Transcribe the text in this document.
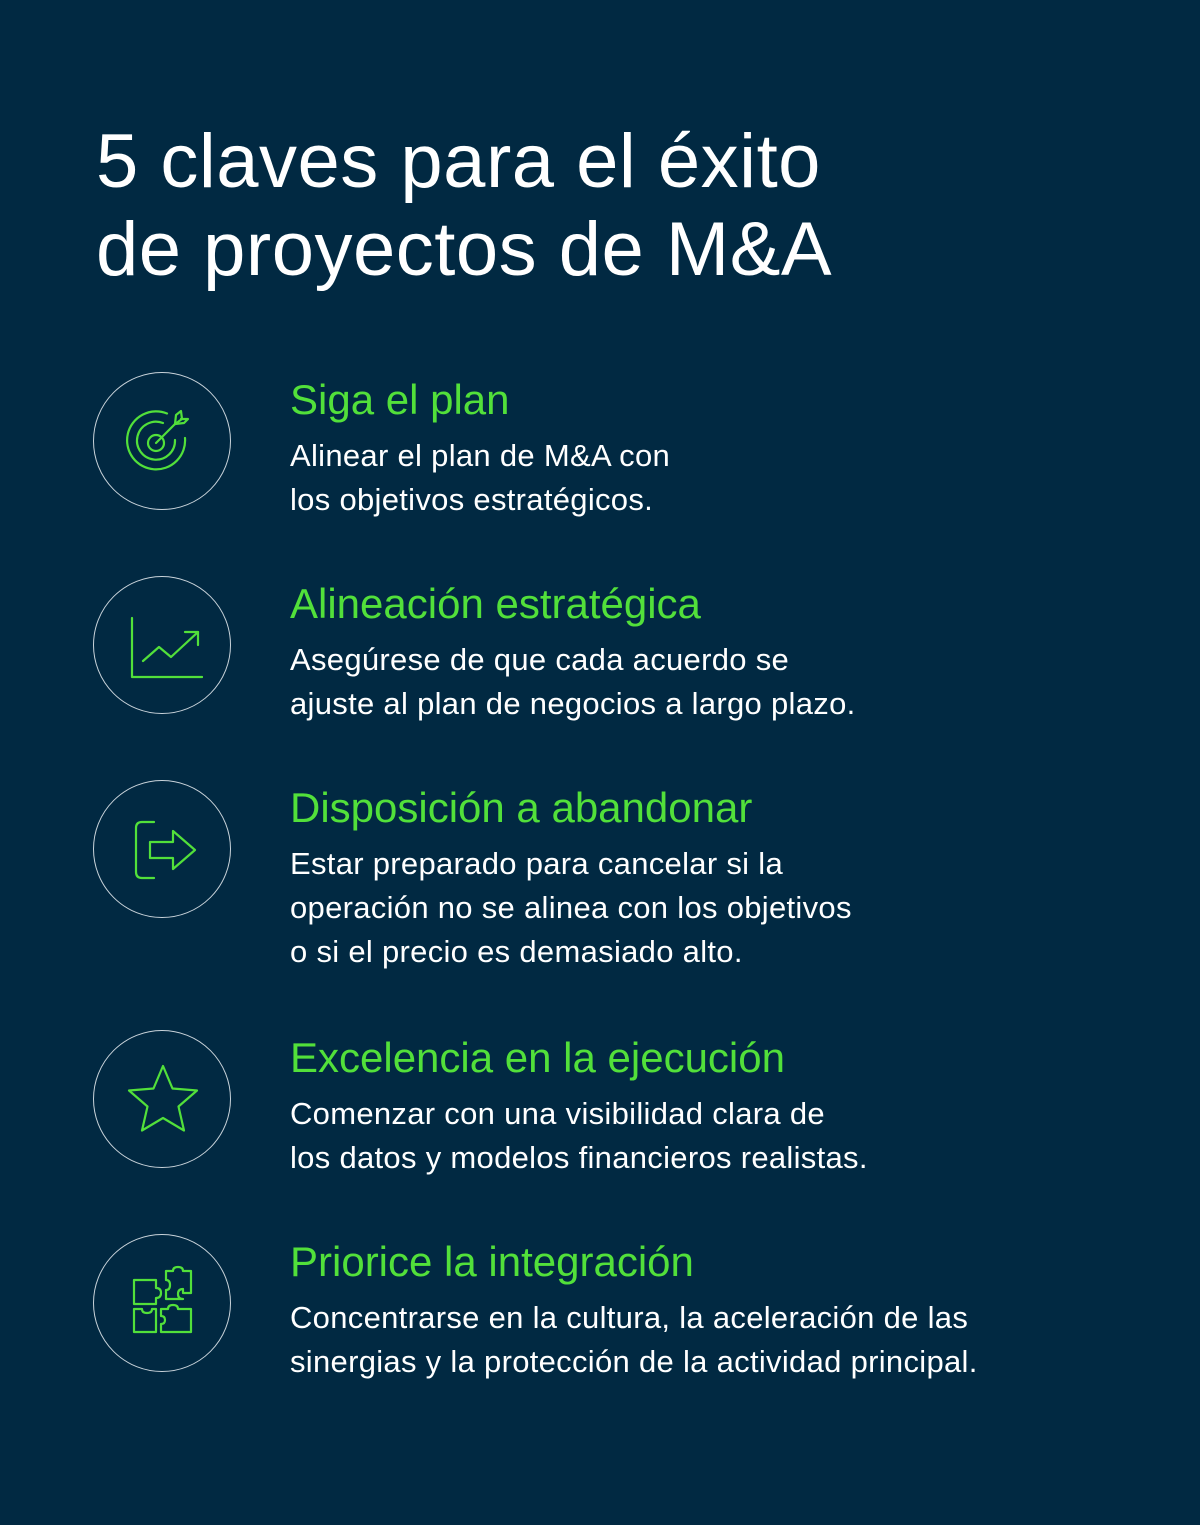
5 claves para el éxito
de proyectos de M&A
Siga el plan

Alinear el plan de M&A con
los objetivos estratégicos.

Alineación estratégica

Asegúrese de que cada acuerdo se
ajuste al plan de negocios a largo plazo.

Disposición a abandonar

Estar preparado para cancelar si la
operación no se alinea con los objetivos
o si el precio es demasiado alto.

Excelencia en la ejecución

Comenzar con una visibilidad clara de
los datos y modelos financieros realistas.

Priorice la integración

Concentrarse en la cultura, la aceleración de las
sinergias y la protección de la actividad principal.
